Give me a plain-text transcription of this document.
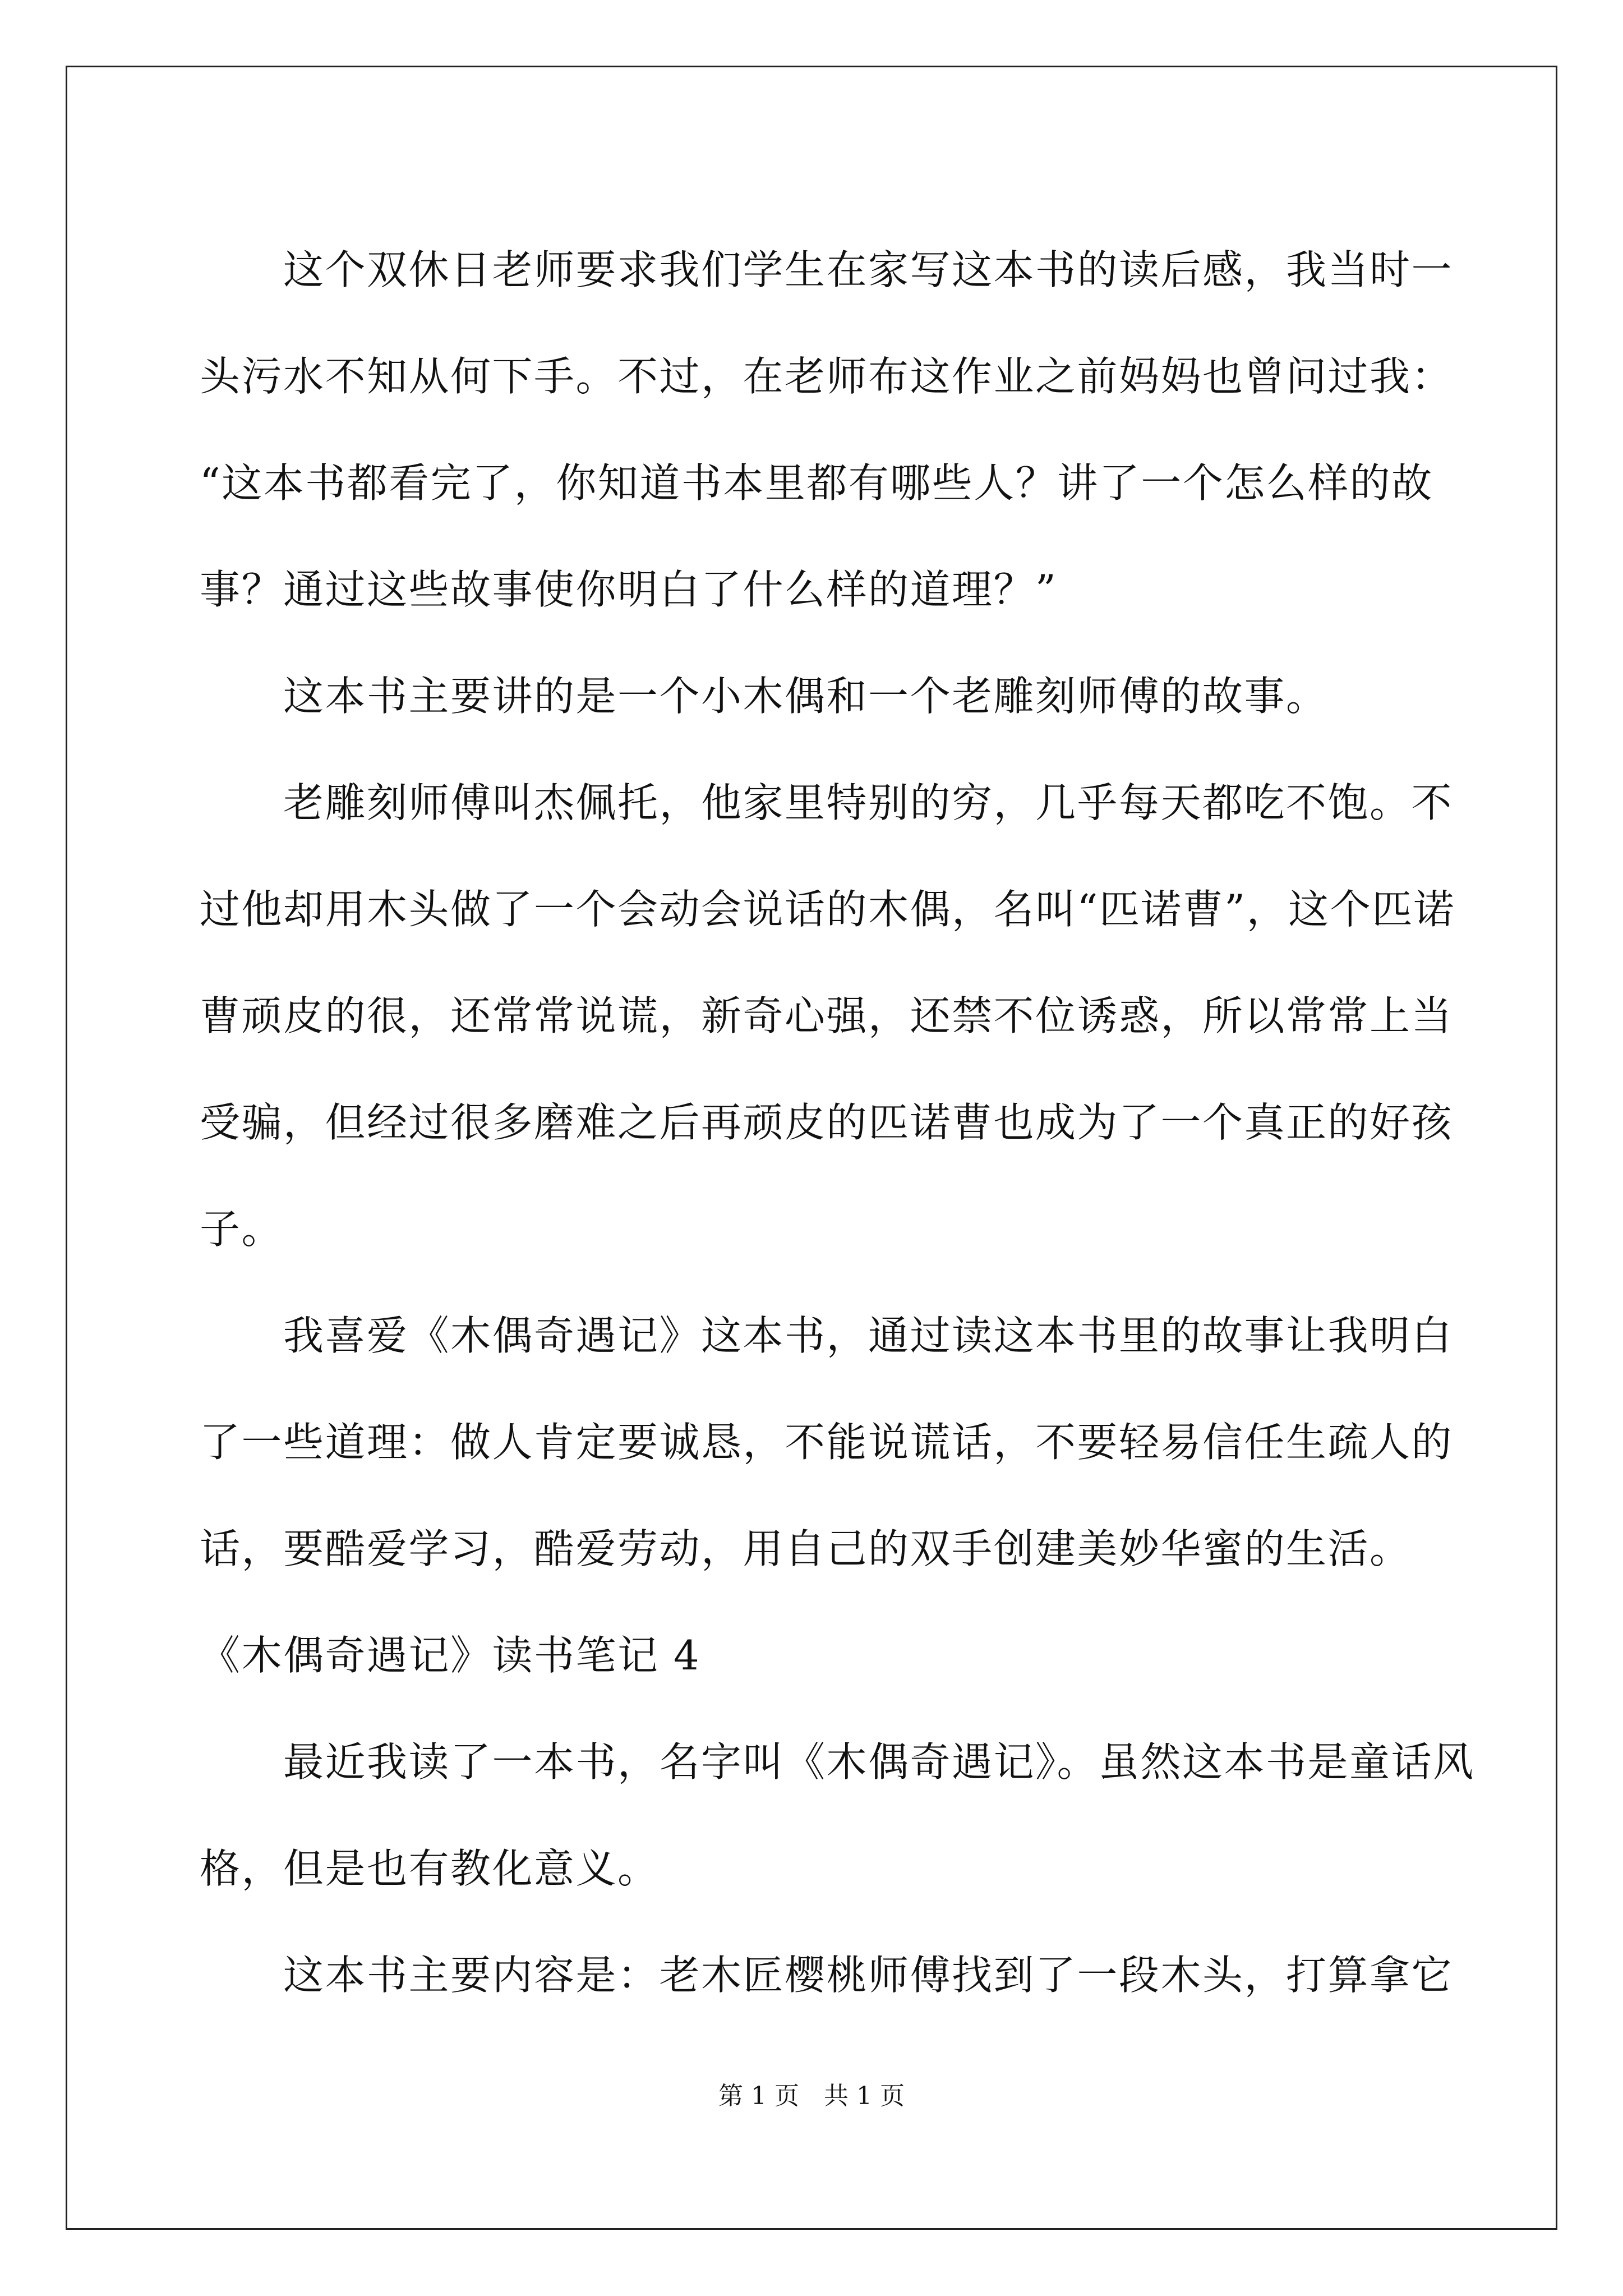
　　这个双休日老师要求我们学生在家写这本书的读后感，我当时一

头污水不知从何下手。不过，在老师布这作业之前妈妈也曾问过我：

“这本书都看完了，你知道书本里都有哪些人？讲了一个怎么样的故

事？通过这些故事使你明白了什么样的道理？”

　　这本书主要讲的是一个小木偶和一个老雕刻师傅的故事。

　　老雕刻师傅叫杰佩托，他家里特别的穷，几乎每天都吃不饱。不

过他却用木头做了一个会动会说话的木偶，名叫“匹诺曹”，这个匹诺

曹顽皮的很，还常常说谎，新奇心强，还禁不位诱惑，所以常常上当

受骗，但经过很多磨难之后再顽皮的匹诺曹也成为了一个真正的好孩

子。

　　我喜爱《木偶奇遇记》这本书，通过读这本书里的故事让我明白

了一些道理：做人肯定要诚恳，不能说谎话，不要轻易信任生疏人的

话，要酷爱学习，酷爱劳动，用自己的双手创建美妙华蜜的生活。

《木偶奇遇记》读书笔记 4

　　最近我读了一本书，名字叫《木偶奇遇记》。虽然这本书是童话风

格，但是也有教化意义。

　　这本书主要内容是：老木匠樱桃师傅找到了一段木头，打算拿它

第 1 页　共 1 页
